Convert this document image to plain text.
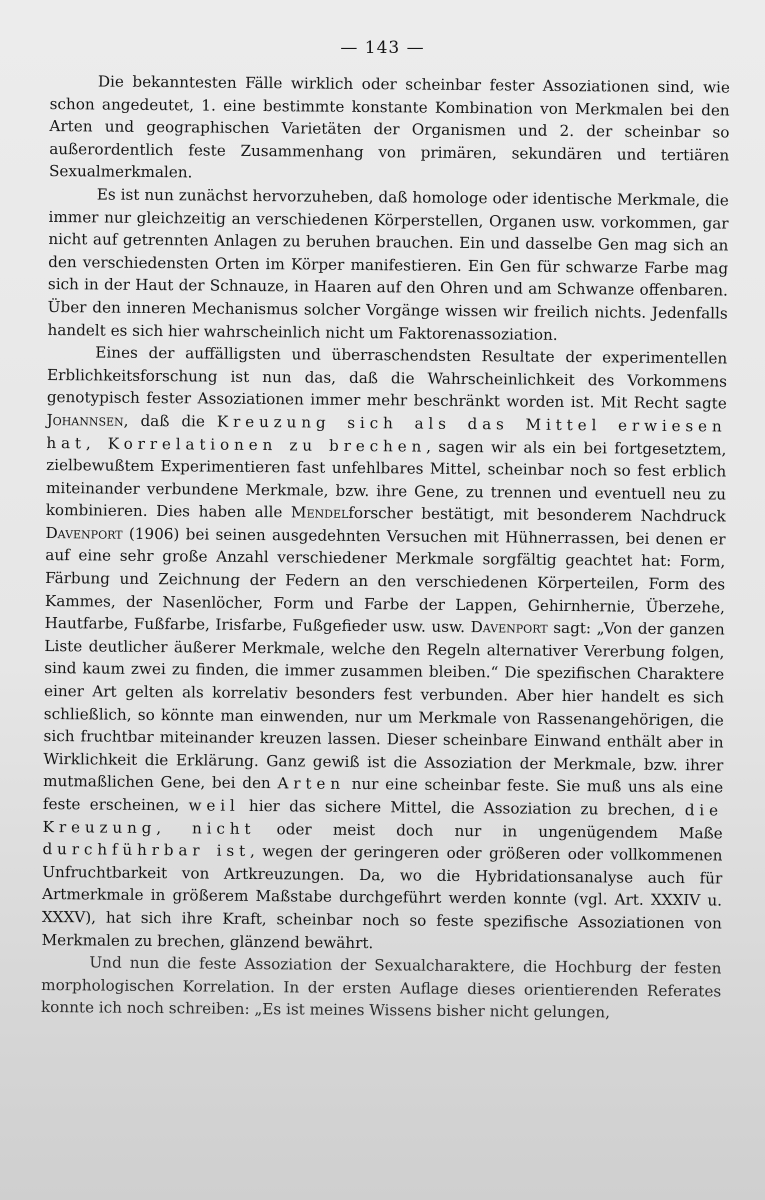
— 143 —

Die bekanntesten Fälle wirklich oder scheinbar fester Assoziationen sind, wie schon angedeutet, 1. eine bestimmte konstante Kombination von Merkmalen bei den Arten und geographischen Varietäten der Organismen und 2. der scheinbar so außerordentlich feste Zusammenhang von primären, sekundären und tertiären Sexualmerkmalen.

Es ist nun zunächst hervorzuheben, daß homologe oder identische Merkmale, die immer nur gleichzeitig an verschiedenen Körperstellen, Organen usw. vorkommen, gar nicht auf getrennten Anlagen zu beruhen brauchen. Ein und dasselbe Gen mag sich an den verschiedensten Orten im Körper manifestieren. Ein Gen für schwarze Farbe mag sich in der Haut der Schnauze, in Haaren auf den Ohren und am Schwanze offenbaren. Über den inneren Mechanismus solcher Vorgänge wissen wir freilich nichts. Jedenfalls handelt es sich hier wahrscheinlich nicht um Faktorenassoziation.

Eines der auffälligsten und überraschendsten Resultate der experimentellen Erblichkeitsforschung ist nun das, daß die Wahrscheinlichkeit des Vorkommens genotypisch fester Assoziationen immer mehr beschränkt worden ist. Mit Recht sagte Johannsen, daß die Kreuzung sich als das Mittel erwiesen hat, Korrelationen zu brechen, sagen wir als ein bei fortgesetztem, zielbewußtem Experimentieren fast unfehlbares Mittel, scheinbar noch so fest erblich miteinander verbundene Merkmale, bzw. ihre Gene, zu trennen und eventuell neu zu kombinieren. Dies haben alle Mendelforscher bestätigt, mit besonderem Nachdruck Davenport (1906) bei seinen ausgedehnten Versuchen mit Hühnerrassen, bei denen er auf eine sehr große Anzahl verschiedener Merkmale sorgfältig geachtet hat: Form, Färbung und Zeichnung der Federn an den verschiedenen Körperteilen, Form des Kammes, der Nasenlöcher, Form und Farbe der Lappen, Gehirnhernie, Überzehe, Hautfarbe, Fußfarbe, Irisfarbe, Fußgefieder usw. usw. Davenport sagt: „Von der ganzen Liste deutlicher äußerer Merkmale, welche den Regeln alternativer Vererbung folgen, sind kaum zwei zu finden, die immer zusammen bleiben.“ Die spezifischen Charaktere einer Art gelten als korrelativ besonders fest verbunden. Aber hier handelt es sich schließlich, so könnte man einwenden, nur um Merkmale von Rassenangehörigen, die sich fruchtbar miteinander kreuzen lassen. Dieser scheinbare Einwand enthält aber in Wirklichkeit die Erklärung. Ganz gewiß ist die Assoziation der Merkmale, bzw. ihrer mutmaßlichen Gene, bei den Arten nur eine scheinbar feste. Sie muß uns als eine feste erscheinen, weil hier das sichere Mittel, die Assoziation zu brechen, die Kreuzung, nicht oder meist doch nur in ungenügendem Maße durchführbar ist, wegen der geringeren oder größeren oder vollkommenen Unfruchtbarkeit von Artkreuzungen. Da, wo die Hybridationsanalyse auch für Artmerkmale in größerem Maßstabe durchgeführt werden konnte (vgl. Art. XXXIV u. XXXV), hat sich ihre Kraft, scheinbar noch so feste spezifische Assoziationen von Merkmalen zu brechen, glänzend bewährt.

Und nun die feste Assoziation der Sexualcharaktere, die Hochburg der festen morphologischen Korrelation. In der ersten Auflage dieses orientierenden Referates konnte ich noch schreiben: „Es ist meines Wissens bisher nicht gelungen,
